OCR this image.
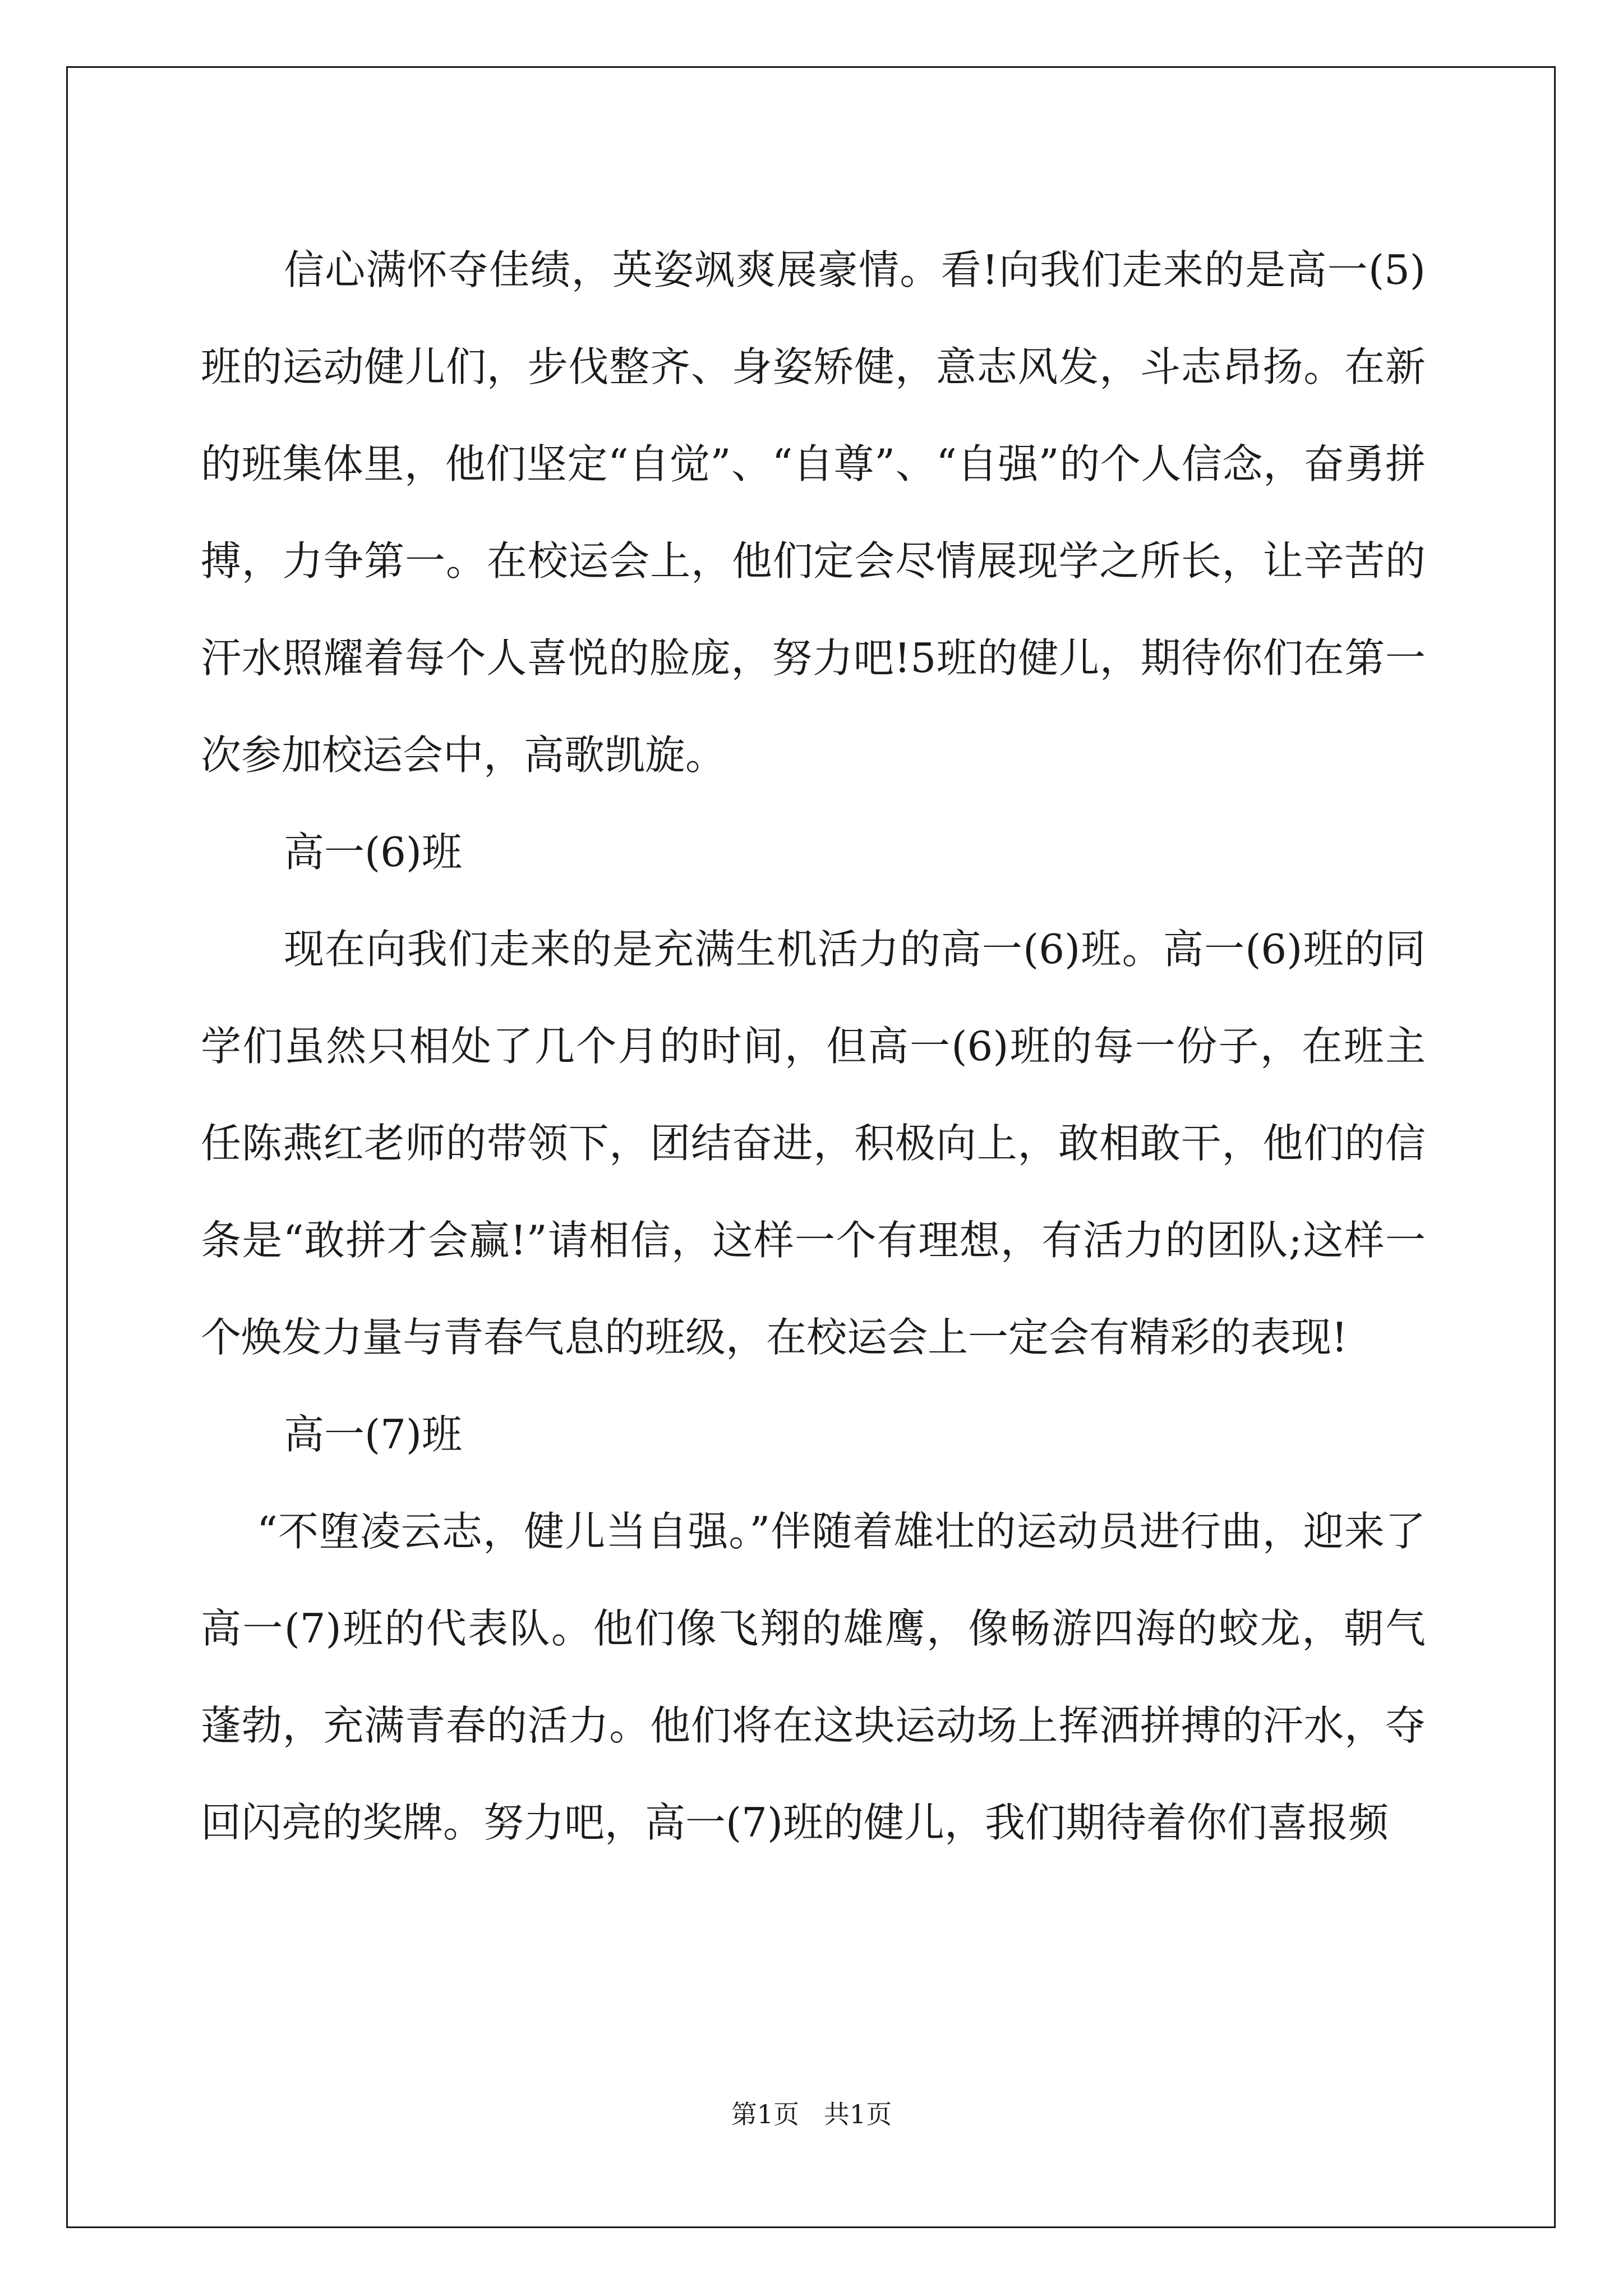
信心满怀夺佳绩，英姿飒爽展豪情。看!向我们走来的是高一(5)班的运动健儿们，步伐整齐、身姿矫健，意志风发，斗志昂扬。在新的班集体里，他们坚定“自觉”、“自尊”、“自强”的个人信念，奋勇拼搏，力争第一。在校运会上，他们定会尽情展现学之所长，让辛苦的汗水照耀着每个人喜悦的脸庞，努力吧!5班的健儿，期待你们在第一次参加校运会中，高歌凯旋。

高一(6)班

现在向我们走来的是充满生机活力的高一(6)班。高一(6)班的同学们虽然只相处了几个月的时间，但高一(6)班的每一份子，在班主任陈燕红老师的带领下，团结奋进，积极向上，敢相敢干，他们的信条是“敢拼才会赢!”请相信，这样一个有理想，有活力的团队;这样一个焕发力量与青春气息的班级，在校运会上一定会有精彩的表现!

高一(7)班

“不堕凌云志，健儿当自强。”伴随着雄壮的运动员进行曲，迎来了高一(7)班的代表队。他们像飞翔的雄鹰，像畅游四海的蛟龙，朝气蓬勃，充满青春的活力。他们将在这块运动场上挥洒拼搏的汗水，夺回闪亮的奖牌。努力吧，高一(7)班的健儿，我们期待着你们喜报频

第1页   共1页
